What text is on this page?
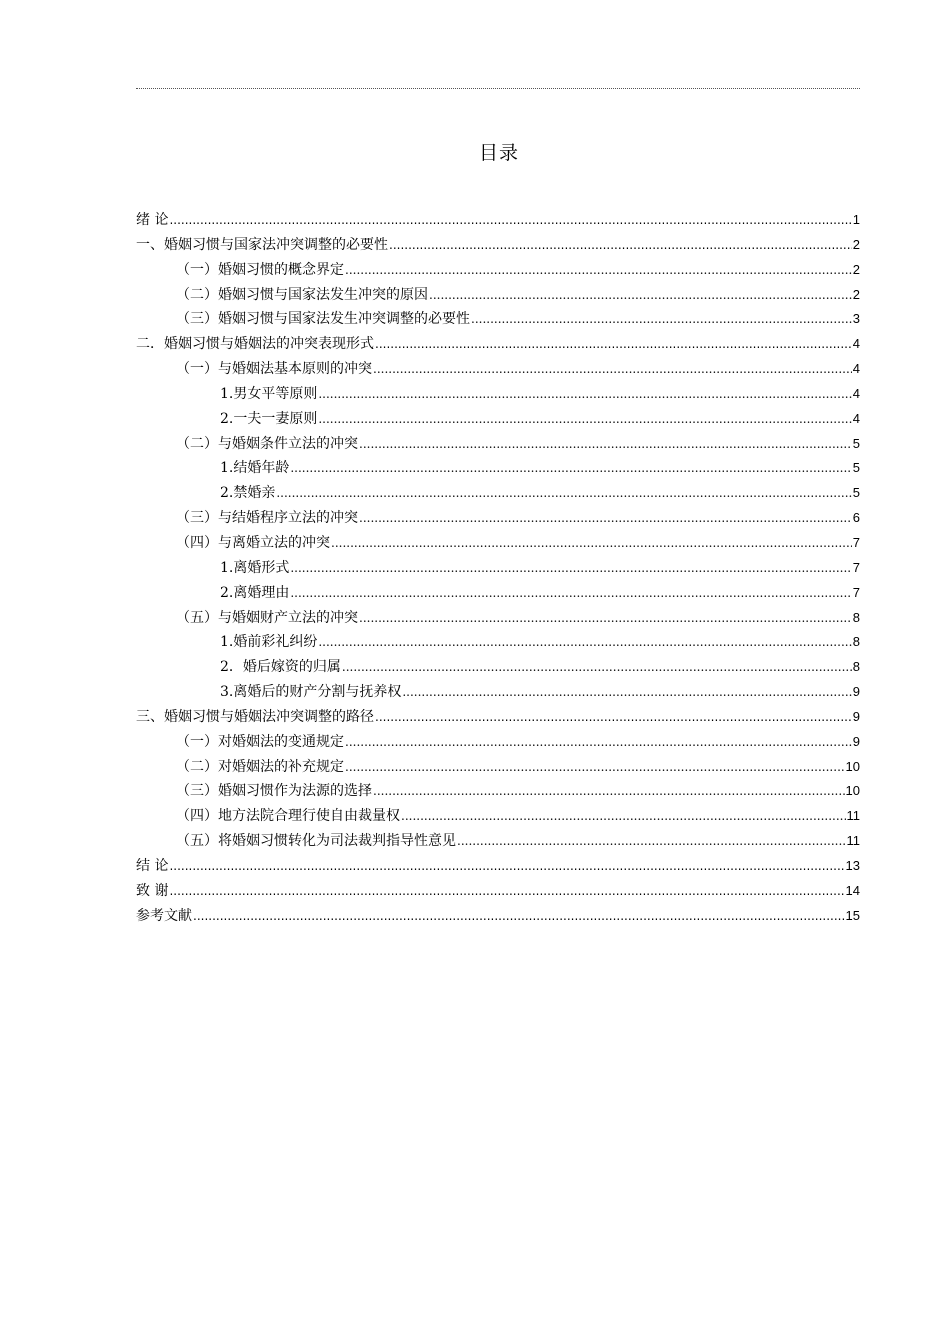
目录
绪 论 .....	1
一、婚姻习惯与国家法冲突调整的必要性 .....	2
（一）婚姻习惯的概念界定 .....	2
（二）婚姻习惯与国家法发生冲突的原因 .....	2
（三）婚姻习惯与国家法发生冲突调整的必要性 .....	3
二．婚姻习惯与婚姻法的冲突表现形式 .....	4
（一）与婚姻法基本原则的冲突 .....	4
1.男女平等原则 .....	4
2.一夫一妻原则 .....	4
（二）与婚姻条件立法的冲突 .....	5
1.结婚年龄 .....	5
2.禁婚亲 .....	5
（三）与结婚程序立法的冲突 .....	6
（四）与离婚立法的冲突 .....	7
1.离婚形式 .....	7
2.离婚理由 .....	7
（五）与婚姻财产立法的冲突 .....	8
1.婚前彩礼纠纷 .....	8
2．婚后嫁资的归属 .....	8
3.离婚后的财产分割与抚养权 .....	9
三、婚姻习惯与婚姻法冲突调整的路径 .....	9
（一）对婚姻法的变通规定 .....	9
（二）对婚姻法的补充规定 .....	10
（三）婚姻习惯作为法源的选择 .....	10
（四）地方法院合理行使自由裁量权 .....	11
（五）将婚姻习惯转化为司法裁判指导性意见 .....	11
结 论 .....	13
致 谢 .....	14
参考文献 .....	15
